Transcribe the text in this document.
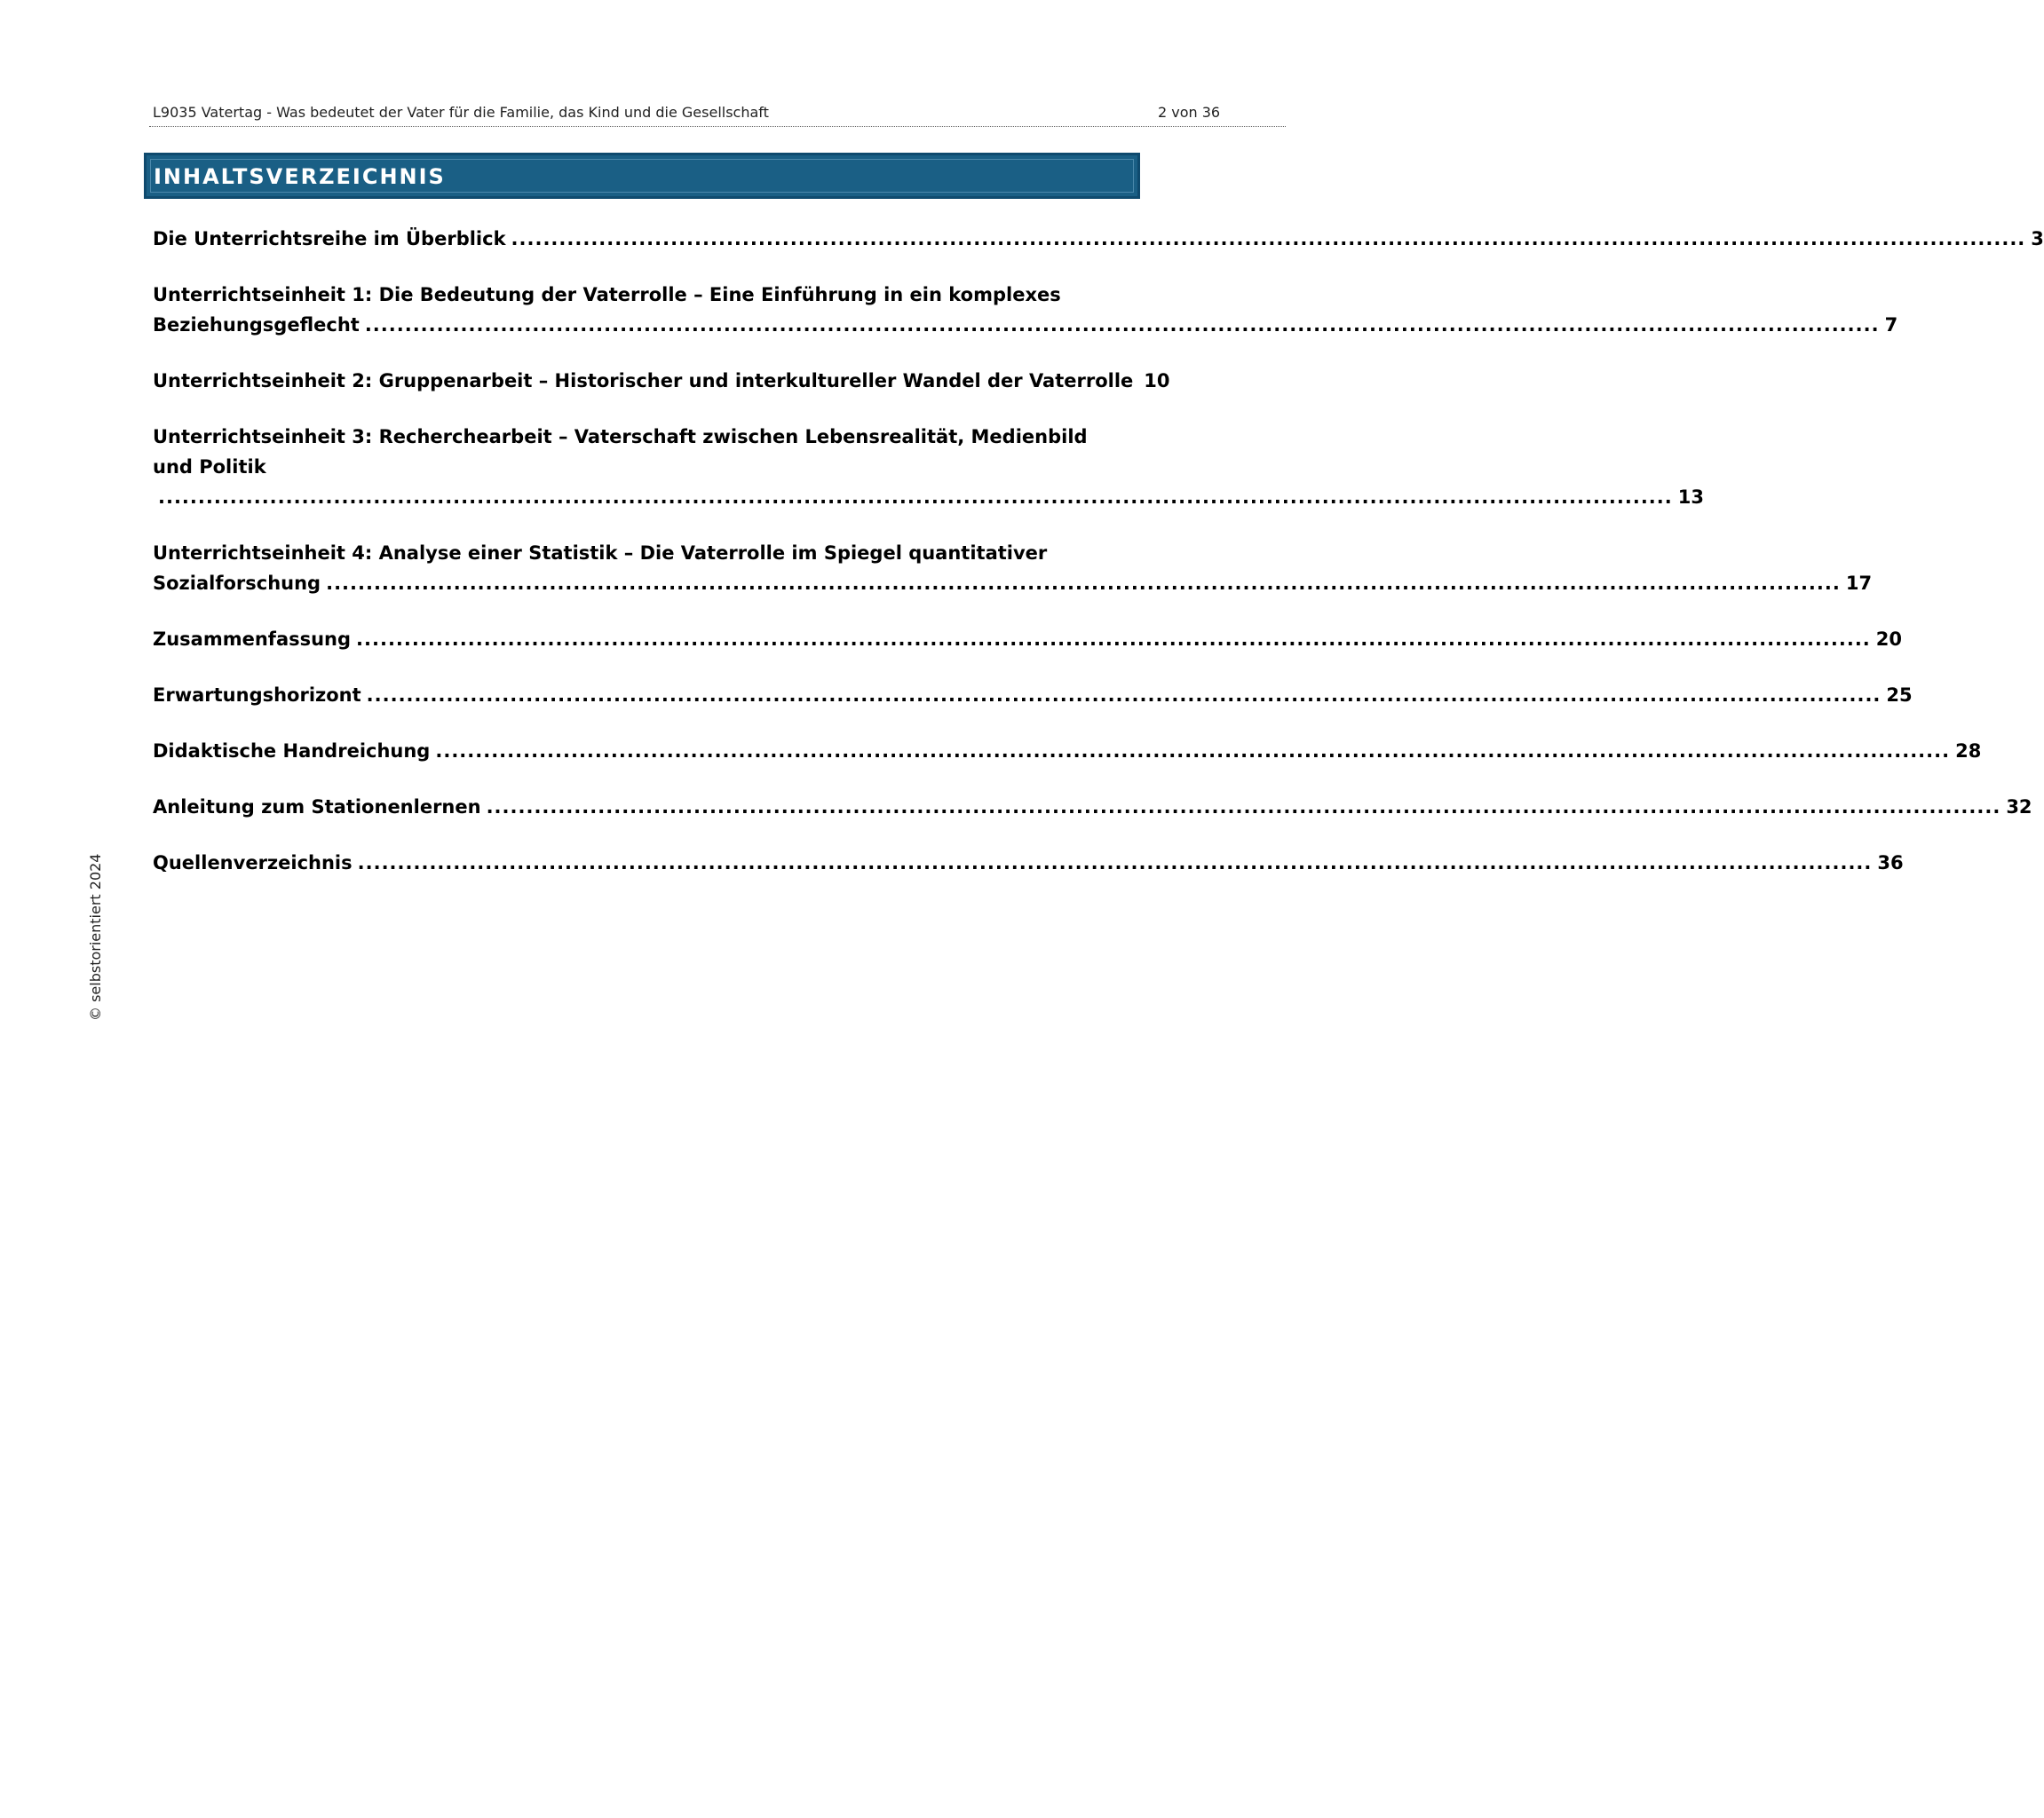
L9035 Vatertag - Was bedeutet der Vater für die Familie, das Kind und die Gesellschaft	2 von 36
INHALTSVERZEICHNIS
Die Unterrichtsreihe im Überblick .............................................................................................................................................................................................. 3
Unterrichtseinheit 1: Die Bedeutung der Vaterrolle – Eine Einführung in ein komplexes
Beziehungsgeflecht .............................................................................................................................................................................................. 7
Unterrichtseinheit 2: Gruppenarbeit – Historischer und interkultureller Wandel der Vaterrolle 10
Unterrichtseinheit 3: Recherchearbeit – Vaterschaft zwischen Lebensrealität, Medienbild und Politik
.............................................................................................................................................................................................. 13
Unterrichtseinheit 4: Analyse einer Statistik – Die Vaterrolle im Spiegel quantitativer
Sozialforschung .............................................................................................................................................................................................. 17
Zusammenfassung .............................................................................................................................................................................................. 20
Erwartungshorizont .............................................................................................................................................................................................. 25
Didaktische Handreichung .............................................................................................................................................................................................. 28
Anleitung zum Stationenlernen .............................................................................................................................................................................................. 32
Quellenverzeichnis .............................................................................................................................................................................................. 36
© selbstorientiert 2024
